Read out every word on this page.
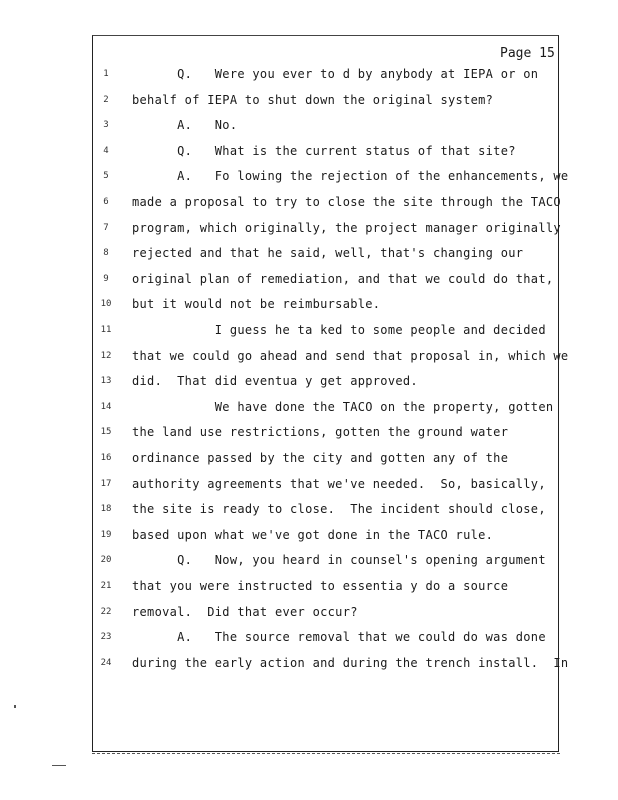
Page 15
1	Q.   Were you ever to d by anybody at IEPA or on
2	behalf of IEPA to shut down the original system?
3	A.   No.
4	Q.   What is the current status of that site?
5	A.   Fo lowing the rejection of the enhancements, we
6	made a proposal to try to close the site through the TACO
7	program, which originally, the project manager originally
8	rejected and that he said, well, that's changing our
9	original plan of remediation, and that we could do that,
10	but it would not be reimbursable.
11	I guess he ta ked to some people and decided
12	that we could go ahead and send that proposal in, which we
13	did.  That did eventua y get approved.
14	We have done the TACO on the property, gotten
15	the land use restrictions, gotten the ground water
16	ordinance passed by the city and gotten any of the
17	authority agreements that we've needed.  So, basically,
18	the site is ready to close.  The incident should close,
19	based upon what we've got done in the TACO rule.
20	Q.   Now, you heard in counsel's opening argument
21	that you were instructed to essentia y do a source
22	removal.  Did that ever occur?
23	A.   The source removal that we could do was done
24	during the early action and during the trench install.  In
